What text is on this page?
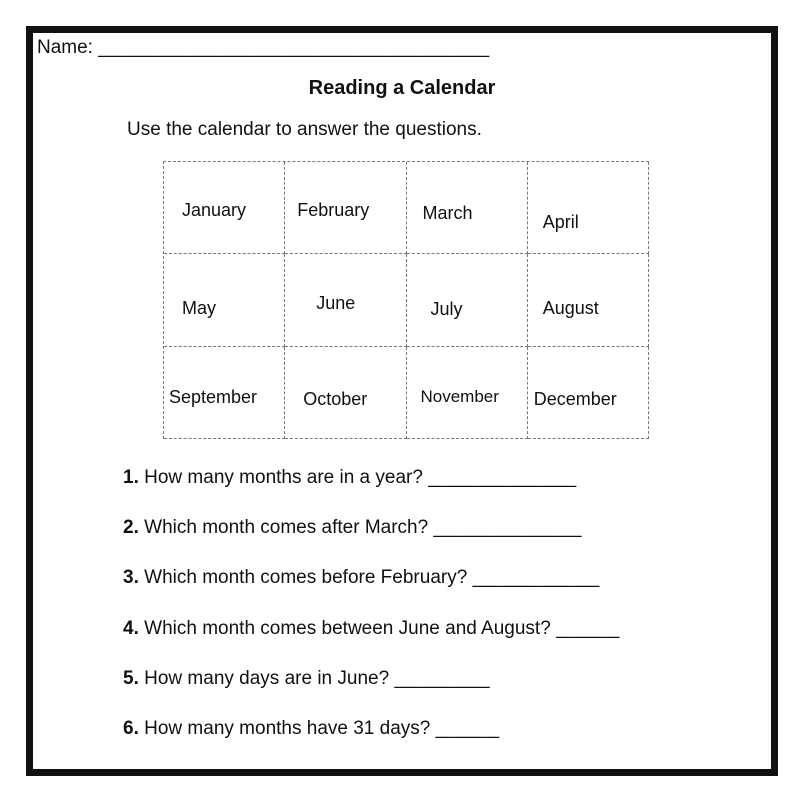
Name: _____________________________________
Reading a Calendar
Use the calendar to answer the questions.
January	February	March	April
May	June	July	August
September	October	November December
1. How many months are in a year? ______________
2. Which month comes after March? ______________
3. Which month comes before February? ____________
4. Which month comes between June and August? ______
5. How many days are in June? _________
6. How many months have 31 days? ______
